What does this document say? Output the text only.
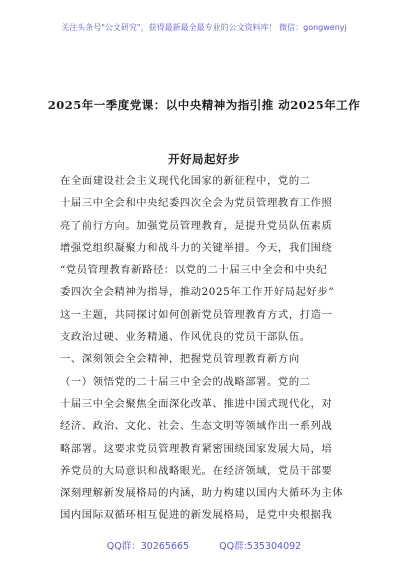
关注头条号"公文研究"，获得最新最全最专业的公文资料库！ 微信：gongwenyj
2025年一季度党课：以中央精神为指引推 动2025年工作
开好局起好步
在全面建设社会主义现代化国家的新征程中，党的二
十届三中全会和中央纪委四次全会为党员管理教育工作照
亮了前行方向。加强党员管理教育，是提升党员队伍素质
增强党组织凝聚力和战斗力的关键举措。今天，我们围绕
“党员管理教育新路径：以党的二十届三中全会和中央纪
委四次全会精神为指导，推动2025年工作开好局起好步”
这一主题，共同探讨如何创新党员管理教育方式，打造一
支政治过硬、业务精通、作风优良的党员干部队伍。
一、深刻领会全会精神，把握党员管理教育新方向
（一）领悟党的二十届三中全会的战略部署。党的二
十届三中全会聚焦全面深化改革、推进中国式现代化，对
经济、政治、文化、社会、生态文明等领域作出一系列战
略部署。这要求党员管理教育紧密围绕国家发展大局，培
养党员的大局意识和战略眼光。在经济领域，党员干部要
深刻理解新发展格局的内涵，助力构建以国内大循环为主体
国内国际双循环相互促进的新发展格局，是党中央根据我
QQ群：30265665	QQ群:535304092
